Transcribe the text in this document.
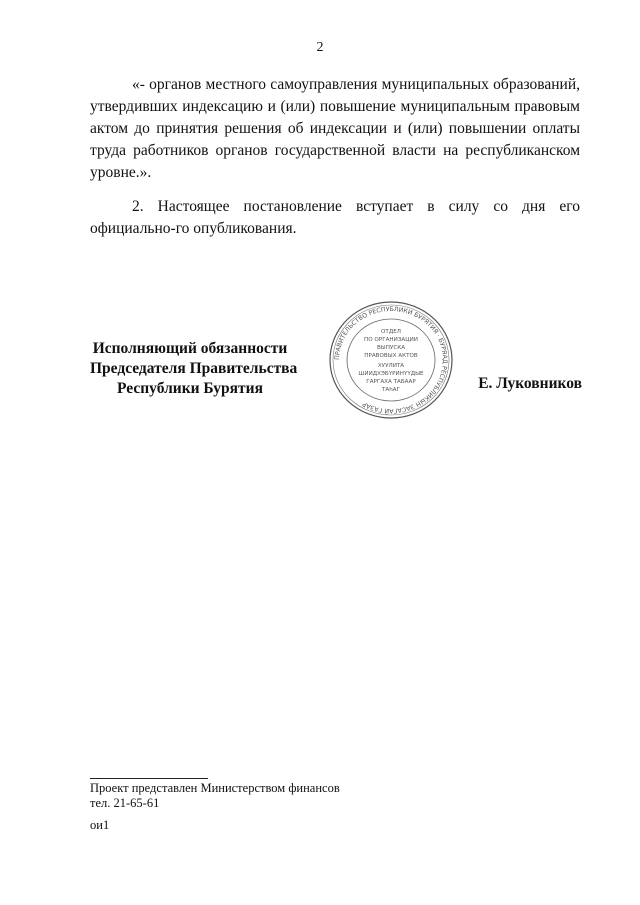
2

«- органов местного самоуправления муниципальных образований, утвердивших индексацию и (или) повышение муниципальным правовым актом до принятия решения об индексации и (или) повышении оплаты труда работников органов государственной власти на республиканском уровне.».

2. Настоящее постановление вступает в силу со дня его официально-го опубликования.

Исполняющий обязанности
Председателя Правительства
Республики Бурятия
ПРАВИТЕЛЬСТВО РЕСПУБЛИКИ БУРЯТИЯ · БУРЯАД РЕСПУБЛИКЫН ЗАСАГАЙ ГАЗАР
ОТДЕЛ
ПО ОРГАНИЗАЦИИ
ВЫПУСКА
ПРАВОВЫХ АКТОВ
ХУУЛИТА
ШИИДХЭБҮРИНҮҮДЫЕ
ГАРГАХА ТАБААР
ТАһАГ	Е. Луковников
Проект представлен Министерством финансов
тел. 21-65-61
ои1
